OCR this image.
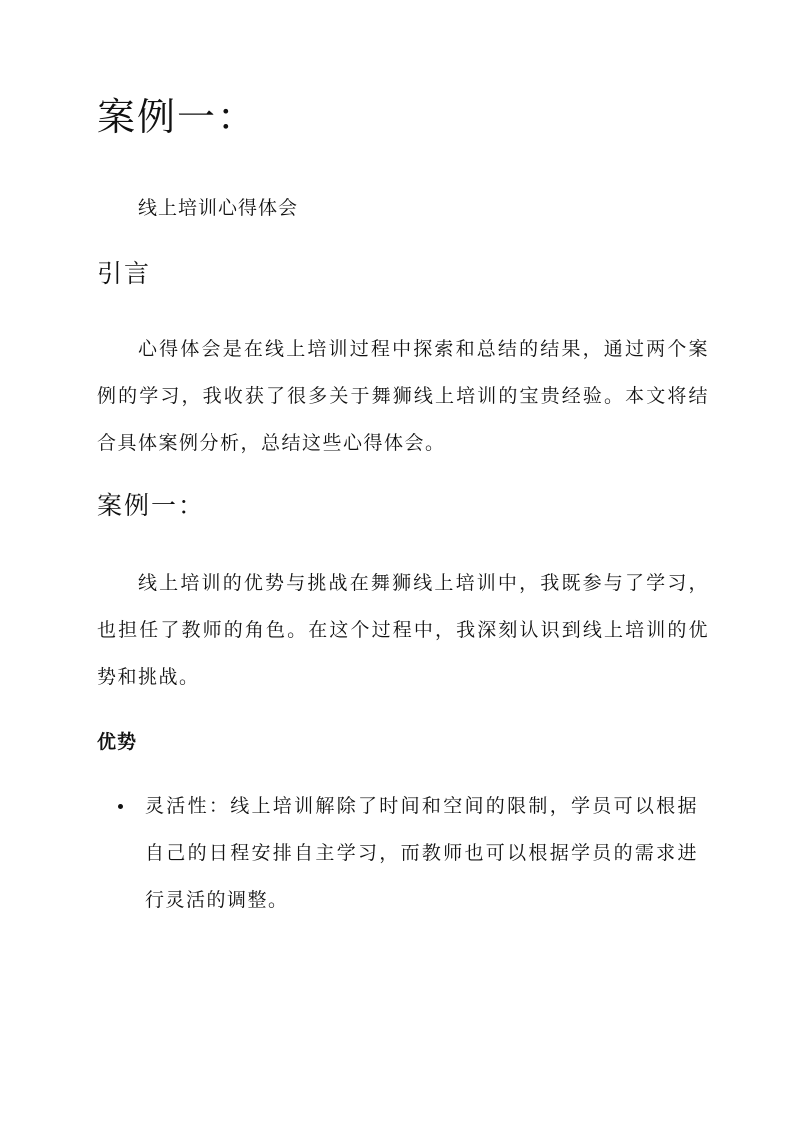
案例一：

线上培训心得体会

引言

心得体会是在线上培训过程中探索和总结的结果，通过两个案例的学习，我收获了很多关于舞狮线上培训的宝贵经验。本文将结合具体案例分析，总结这些心得体会。

案例一：

线上培训的优势与挑战在舞狮线上培训中，我既参与了学习，也担任了教师的角色。在这个过程中，我深刻认识到线上培训的优势和挑战。

优势
灵活性：线上培训解除了时间和空间的限制，学员可以根据自己的日程安排自主学习，而教师也可以根据学员的需求进行灵活的调整。
